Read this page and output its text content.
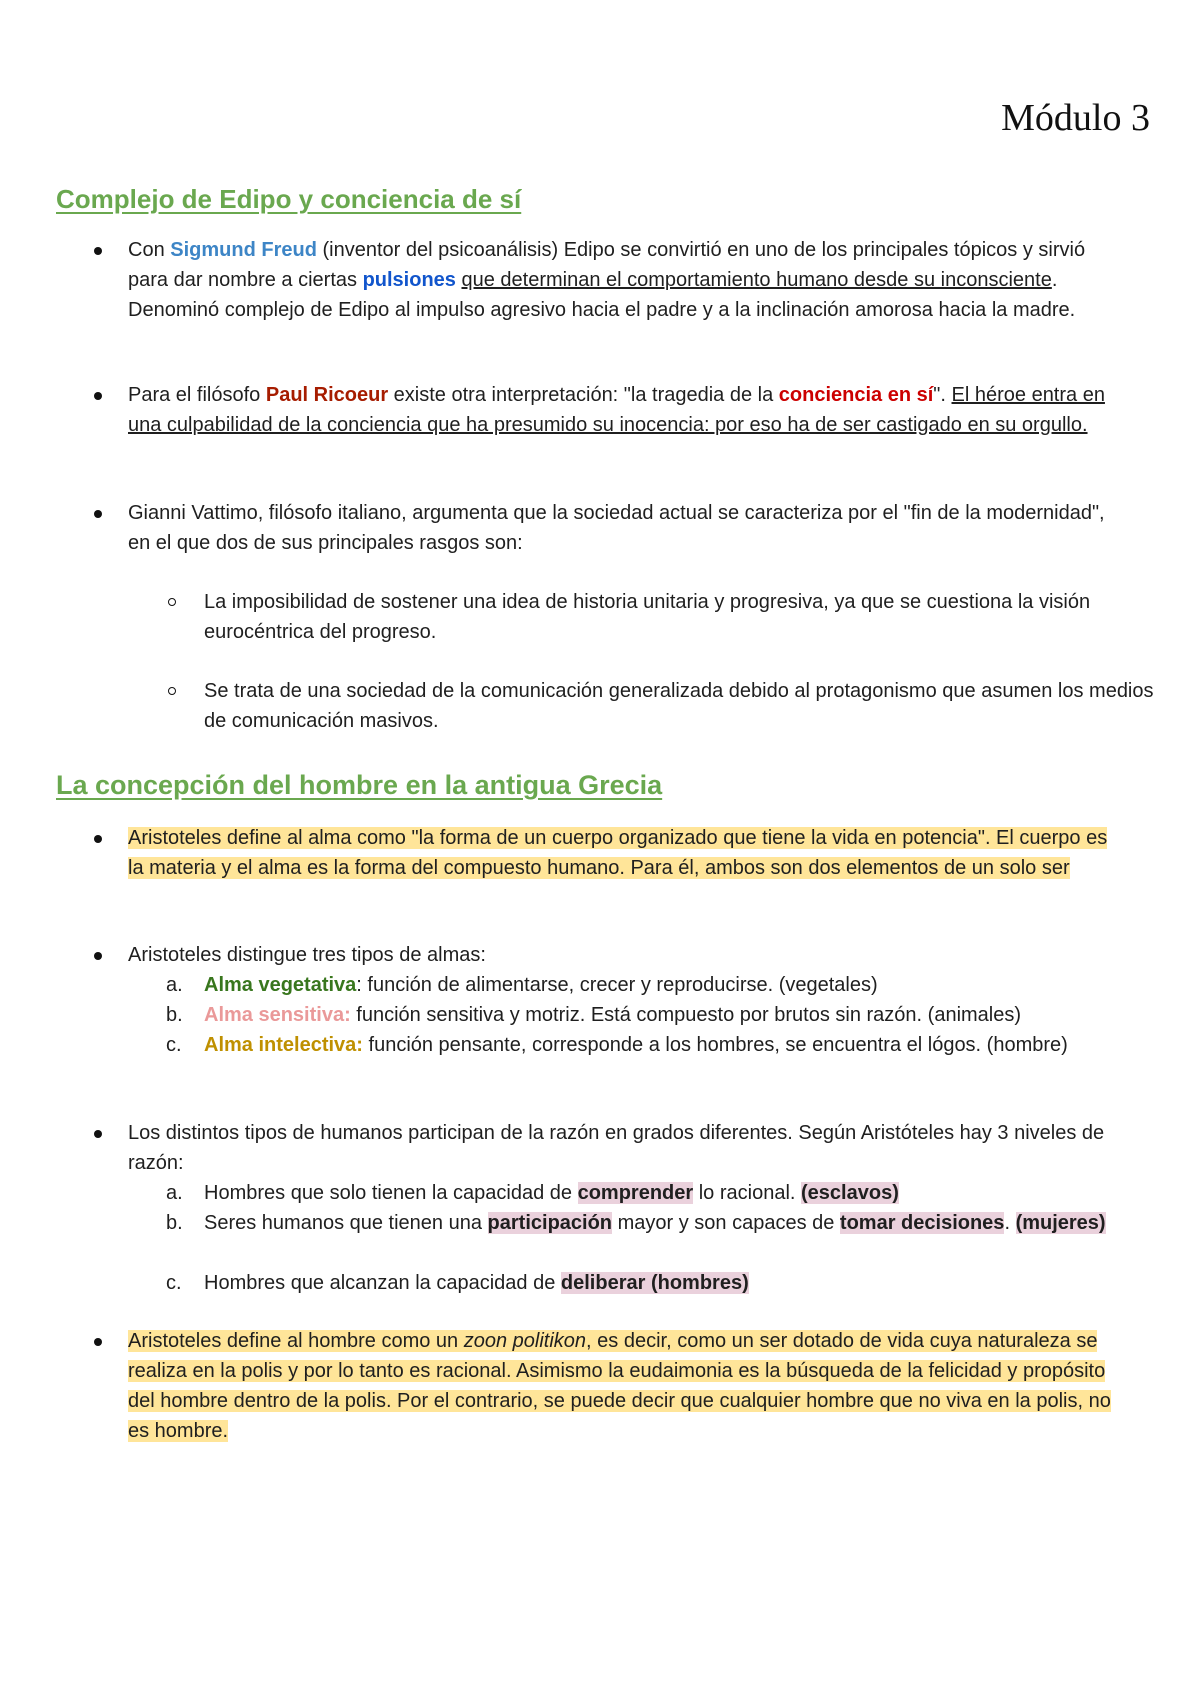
Módulo 3
Complejo de Edipo y conciencia de sí
Con Sigmund Freud (inventor del psicoanálisis) Edipo se convirtió en uno de los principales tópicos y sirvió para dar nombre a ciertas pulsiones que determinan el comportamiento humano desde su inconsciente. Denominó complejo de Edipo al impulso agresivo hacia el padre y a la inclinación amorosa hacia la madre.
Para el filósofo Paul Ricoeur existe otra interpretación: "la tragedia de la conciencia en sí". El héroe entra en una culpabilidad de la conciencia que ha presumido su inocencia: por eso ha de ser castigado en su orgullo.
Gianni Vattimo, filósofo italiano, argumenta que la sociedad actual se caracteriza por el "fin de la modernidad", en el que dos de sus principales rasgos son:
La imposibilidad de sostener una idea de historia unitaria y progresiva, ya que se cuestiona la visión eurocéntrica del progreso.
Se trata de una sociedad de la comunicación generalizada debido al protagonismo que asumen los medios de comunicación masivos.
La concepción del hombre en la antigua Grecia
Aristoteles define al alma como "la forma de un cuerpo organizado que tiene la vida en potencia". El cuerpo es la materia y el alma es la forma del compuesto humano. Para él, ambos son dos elementos de un solo ser
Aristoteles distingue tres tipos de almas:
a.	Alma vegetativa: función de alimentarse, crecer y reproducirse. (vegetales)
b.	Alma sensitiva: función sensitiva y motriz. Está compuesto por brutos sin razón. (animales)
c.	Alma intelectiva: función pensante, corresponde a los hombres, se encuentra el lógos. (hombre)
Los distintos tipos de humanos participan de la razón en grados diferentes. Según Aristóteles hay 3 niveles de razón:
a.	Hombres que solo tienen la capacidad de comprender lo racional. (esclavos)
b.	Seres humanos que tienen una participación mayor y son capaces de tomar decisiones. (mujeres)
c.	Hombres que alcanzan la capacidad de deliberar (hombres)
Aristoteles define al hombre como un zoon politikon, es decir, como un ser dotado de vida cuya naturaleza se realiza en la polis y por lo tanto es racional. Asimismo la eudaimonia es la búsqueda de la felicidad y propósito del hombre dentro de la polis. Por el contrario, se puede decir que cualquier hombre que no viva en la polis, no es hombre.
